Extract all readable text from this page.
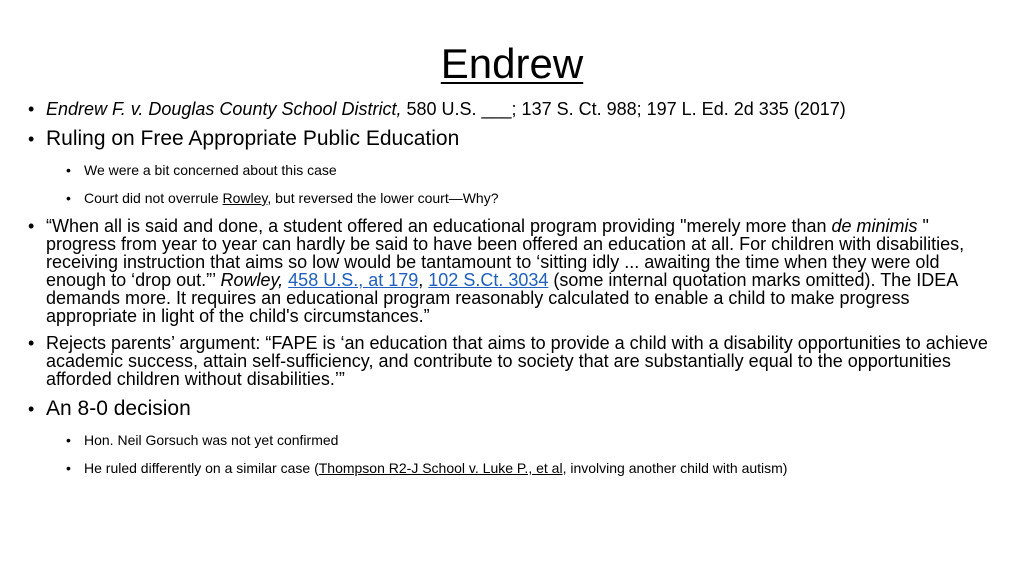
Endrew
• Endrew F. v. Douglas County School District, 580 U.S. ___; 137 S. Ct. 988; 197 L. Ed. 2d 335 (2017)
• Ruling on Free Appropriate Public Education
• We were a bit concerned about this case
• Court did not overrule Rowley, but reversed the lower court—Why?
• “When all is said and done, a student offered an educational program providing "merely more than de minimis " progress from year to year can hardly be said to have been offered an education at all. For children with disabilities, receiving instruction that aims so low would be tantamount to ‘sitting idly ... awaiting the time when they were old enough to ‘drop out.”’ Rowley, 458 U.S., at 179, 102 S.Ct. 3034 (some internal quotation marks omitted). The IDEA demands more. It requires an educational program reasonably calculated to enable a child to make progress appropriate in light of the child's circumstances.”
• Rejects parents’ argument: “FAPE is ‘an education that aims to provide a child with a disability opportunities to achieve academic success, attain self-sufficiency, and contribute to society that are substantially equal to the opportunities afforded children without disabilities.’”
• An 8-0 decision
• Hon. Neil Gorsuch was not yet confirmed
• He ruled differently on a similar case (Thompson R2-J School v. Luke P., et al, involving another child with autism)
